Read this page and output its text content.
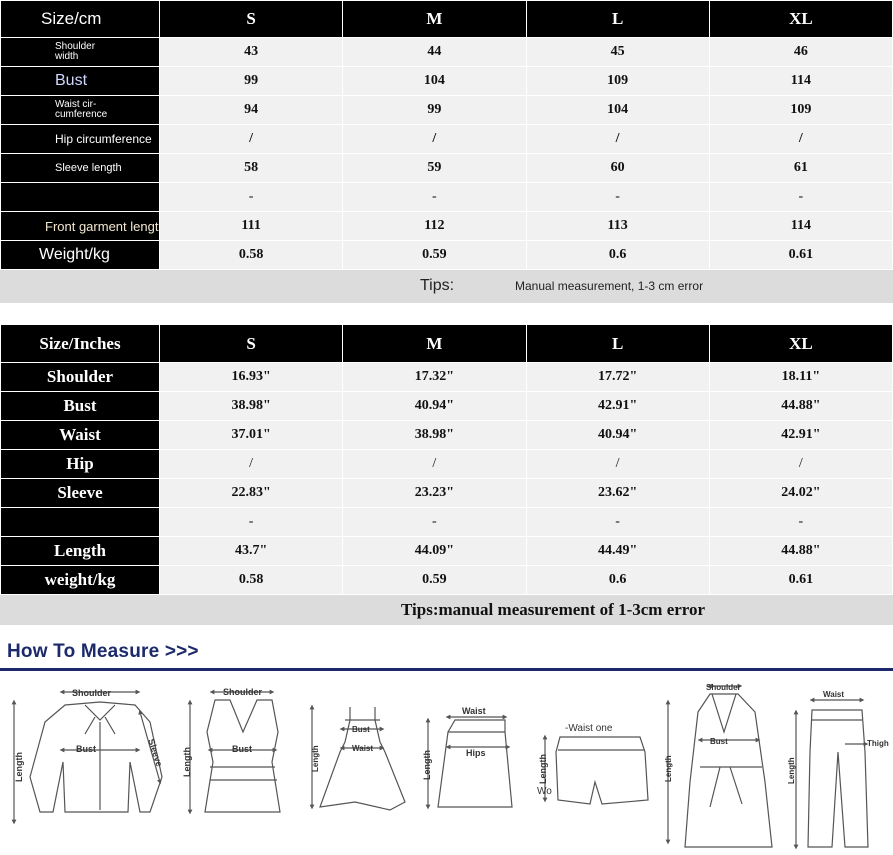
Size/cm	S	M	L	XL
Shoulder width	43	44	45	46
Bust	99	104	109	114
Waist cir-cumference	94	99	104	109
Hip circumference	/	/	/	/
Sleeve length	58	59	60	61
	-	-	-	-
Front garment lengt	111	112	113	114
Weight/kg	0.58	0.59	0.6	0.61
Tips:	Manual measurement, 1-3 cm error
Size/Inches	S	M	L	XL
Shoulder	16.93"	17.32"	17.72"	18.11"
Bust	38.98"	40.94"	42.91"	44.88"
Waist	37.01"	38.98"	40.94"	42.91"
Hip	/	/	/	/
Sleeve	22.83"	23.23"	23.62"	24.02"
	-	-	-	-
Length	43.7"	44.09"	44.49"	44.88"
weight/kg	0.58	0.59	0.6	0.61
Tips:manual measurement of 1-3cm error
How To Measure >>>
Shoulder
Bust
Length	Sleeve
Shoulder
Bust
Length
Bust
Waist
Length
Waist
Hips
Length
-Waist one
Wo
Length
Shoulder
Bust
Length
Waist
Thigh
Length
